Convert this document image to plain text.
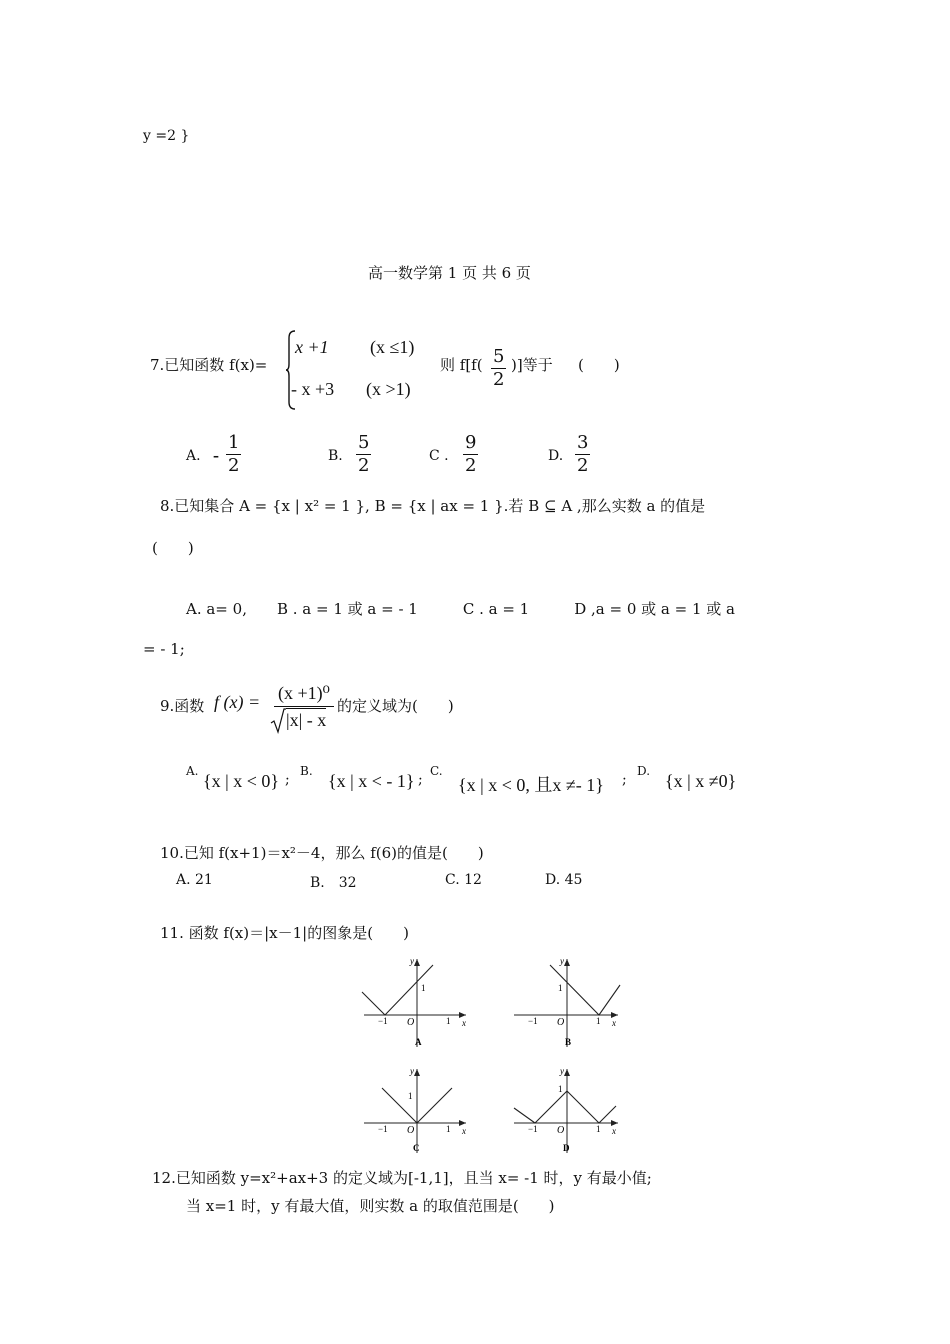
y =2 }
高一数学第 1 页 共 6 页
7.已知函数 f(x)=
x +1 (x ≤1)
- x +3 (x >1)
则 $f[f( \frac{5}{2}$ )]等于 (　　)
A. - $\frac{1}{2}$	B. $\frac{5}{2}$	C . $\frac{9}{2}$	D. $\frac{3}{2}$
8.已知集合 A = {x | x² = 1 }, B = {x | ax = 1 }.若 B ⊆ A ,那么实数 a 的值是
(　　)
A. a= 0,　　B . a = 1 或 a = - 1　　　C . a = 1　　　D ,a = 0 或 a = 1 或 a
= - 1;
9.函数 f (x) = (x +1)⁰
|x| - x
的定义域为(　　)
A. {x | x < 0} ;
B. {x | x < - 1} ;
C.
{x | x < 0, 且x ≠- 1} ;
D. {x | x ≠0}
10.已知 f(x+1)＝x²－4，那么 f(6)的值是(　　)
A. 21	B.　32	C. 12	D. 45
11. 函数 f(x)＝|x－1|的图象是(　　)
y
x
O
−1	1
1
A
y
x
O
−1	1
1
B
y
x
O
−1	1
1
C
y
x
O
−1	1
1
D
12.已知函数 y=x²+ax+3 的定义域为[-1,1]，且当 x= -1 时，y 有最小值;
当 x=1 时，y 有最大值，则实数 a 的取值范围是(　　)
